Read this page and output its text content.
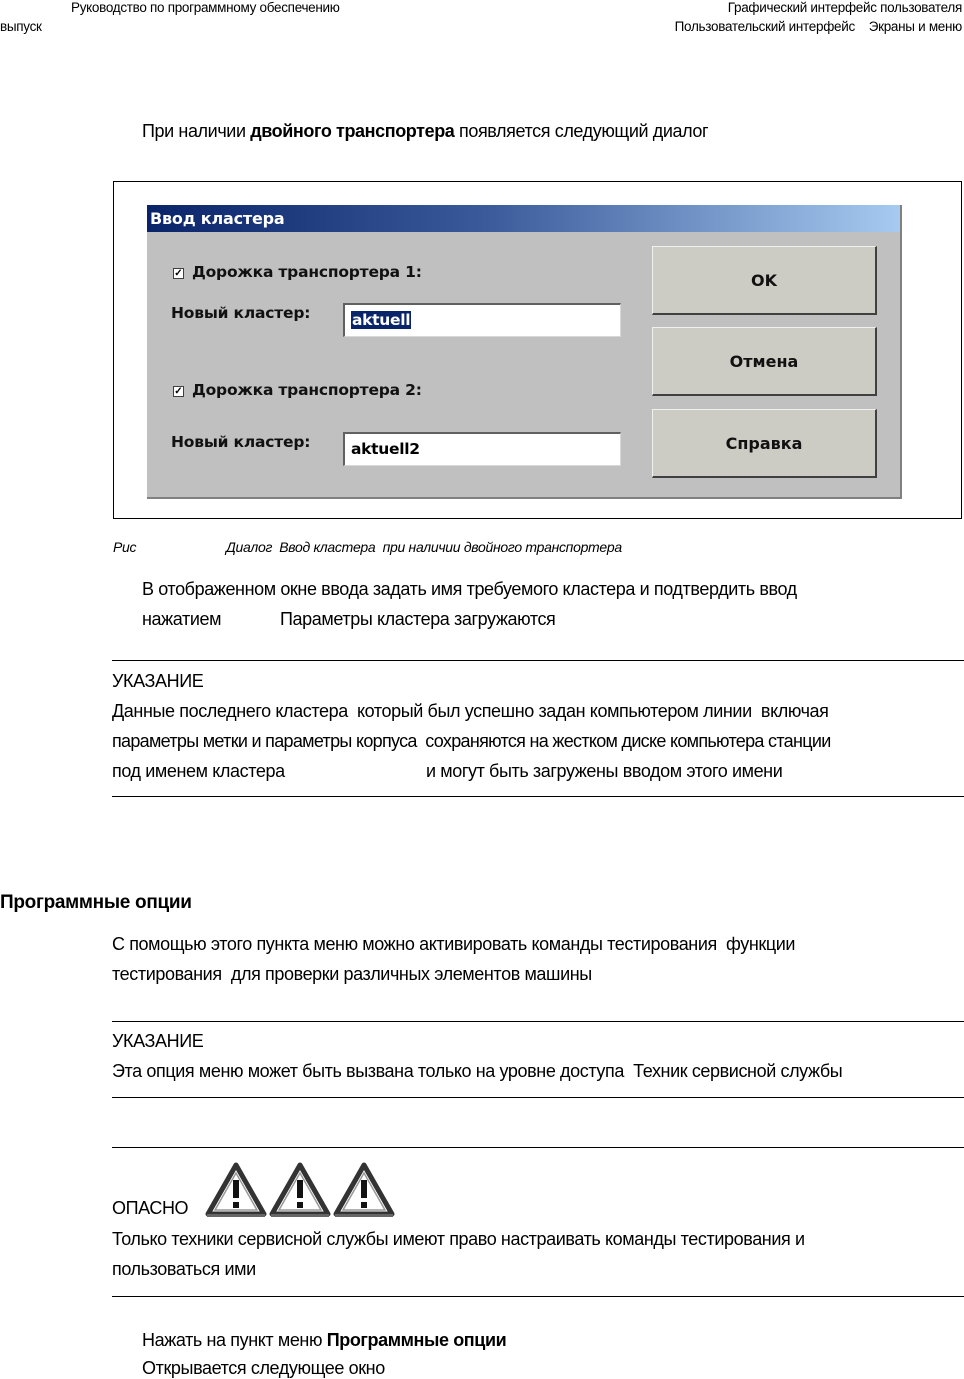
Руководство по программному обеспечению
выпуск
Графический интерфейс пользователя
Пользовательский интерфейс    Экраны и меню
При наличии двойного транспортера появляется следующий диалог
Ввод кластера
✓ Дорожка транспортера 1:
Новый кластер:	aktuell
✓ Дорожка транспортера 2:
Новый кластер:	aktuell2
OK
Отмена
Справка
Рис	Диалог  Ввод кластера  при наличии двойного транспортера
В отображенном окне ввода задать имя требуемого кластера и подтвердить ввод
нажатием	Параметры кластера загружаются
УКАЗАНИЕ
Данные последнего кластера  который был успешно задан компьютером линии  включая
параметры метки и параметры корпуса  сохраняются на жестком диске компьютера станции
под именем кластера	и могут быть загружены вводом этого имени
Программные опции
С помощью этого пункта меню можно активировать команды тестирования  функции
тестирования  для проверки различных элементов машины
УКАЗАНИЕ
Эта опция меню может быть вызвана только на уровне доступа  Техник сервисной службы
ОПАСНО
Только техники сервисной службы имеют право настраивать команды тестирования и
пользоваться ими
Нажать на пункт меню Программные опции
Открывается следующее окно
